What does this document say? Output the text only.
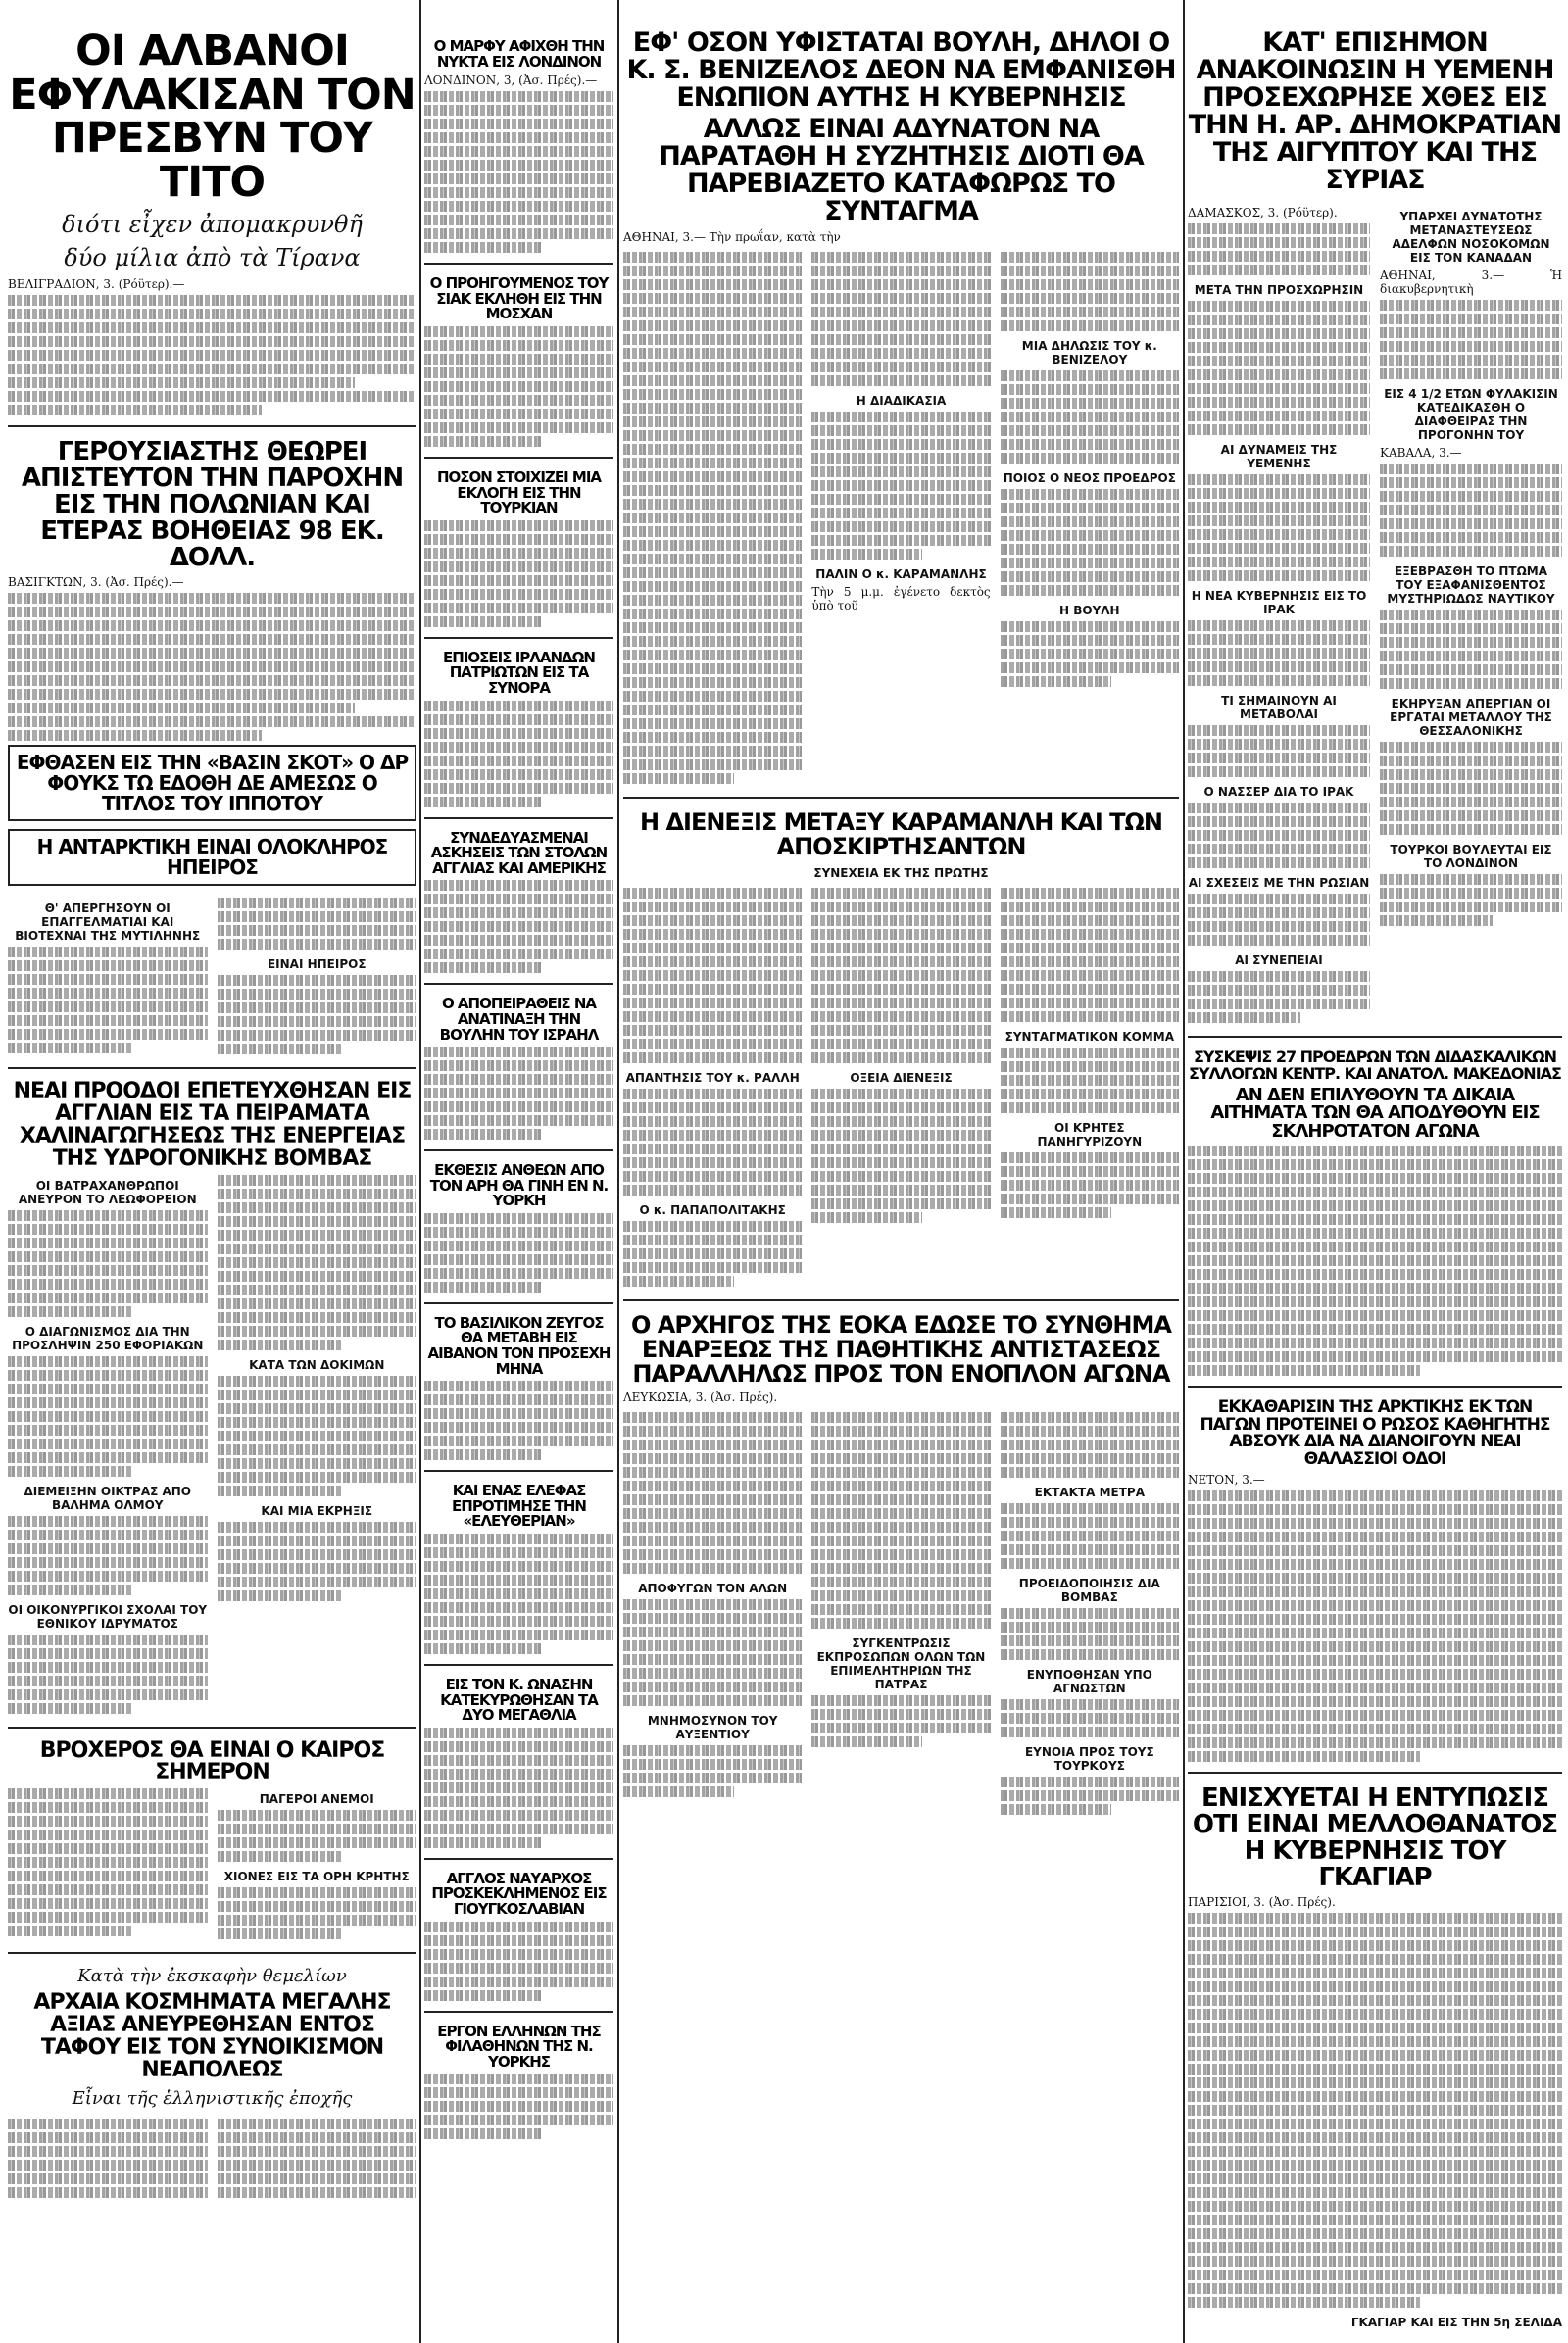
ΟΙ ΑΛΒΑΝΟΙ ΕΦΥΛΑΚΙΣΑΝ ΤΟΝ ΠΡΕΣΒΥΝ ΤΟΥ ΤΙΤΟ
διότι εἶχεν ἀπομακρυνθῆ
δύο μίλια ἀπὸ τὰ Τίρανα
ΒΕΛΙΓΡΑΔΙΟΝ, 3. (Ρόϋτερ).—
ΓΕΡΟΥΣΙΑΣΤΗΣ ΘΕΩΡΕΙ ΑΠΙΣΤΕΥΤΟΝ ΤΗΝ ΠΑΡΟΧΗΝ ΕΙΣ ΤΗΝ ΠΟΛΩΝΙΑΝ ΚΑΙ ΕΤΕΡΑΣ ΒΟΗΘΕΙΑΣ 98 ΕΚ. ΔΟΛΛ.
ΒΑΣΙΓΚΤΩΝ, 3. (Ἀσ. Πρές).—
ΕΦΘΑΣΕΝ ΕΙΣ ΤΗΝ «ΒΑΣΙΝ ΣΚΟΤ» Ο ΔΡ ΦΟΥΚΣ ΤΩ ΕΔΟΘΗ ΔΕ ΑΜΕΣΩΣ Ο ΤΙΤΛΟΣ ΤΟΥ ΙΠΠΟΤΟΥ
Η ΑΝΤΑΡΚΤΙΚΗ ΕΙΝΑΙ ΟΛΟΚΛΗΡΟΣ ΗΠΕΙΡΟΣ
Θ' ΑΠΕΡΓΗΣΟΥΝ ΟΙ ΕΠΑΓΓΕΛΜΑΤΙΑΙ ΚΑΙ ΒΙΟΤΕΧΝΑΙ ΤΗΣ ΜΥΤΙΛΗΝΗΣ
ΕΙΝΑΙ ΗΠΕΙΡΟΣ
ΝΕΑΙ ΠΡΟΟΔΟΙ ΕΠΕΤΕΥΧΘΗΣΑΝ ΕΙΣ ΑΓΓΛΙΑΝ ΕΙΣ ΤΑ ΠΕΙΡΑΜΑΤΑ ΧΑΛΙΝΑΓΩΓΗΣΕΩΣ ΤΗΣ ΕΝΕΡΓΕΙΑΣ ΤΗΣ ΥΔΡΟΓΟΝΙΚΗΣ ΒΟΜΒΑΣ
ΟΙ ΒΑΤΡΑΧΑΝΘΡΩΠΟΙ ΑΝΕΥΡΟΝ ΤΟ ΛΕΩΦΟΡΕΙΟΝ
Ο ΔΙΑΓΩΝΙΣΜΟΣ ΔΙΑ ΤΗΝ ΠΡΟΣΛΗΨΙΝ 250 ΕΦΟΡΙΑΚΩΝ
ΔΙΕΜΕΙΞΗΝ ΟΙΚΤΡΑΣ ΑΠΟ ΒΑΛΗΜΑ ΟΛΜΟΥ
ΟΙ ΟΙΚΟΝΥΡΓΙΚΟΙ ΣΧΟΛΑΙ ΤΟΥ ΕΘΝΙΚΟΥ ΙΔΡΥΜΑΤΟΣ
ΚΑΤΑ ΤΩΝ ΔΟΚΙΜΩΝ
ΚΑΙ ΜΙΑ ΕΚΡΗΞΙΣ
ΒΡΟΧΕΡΟΣ ΘΑ ΕΙΝΑΙ Ο ΚΑΙΡΟΣ ΣΗΜΕΡΟΝ
ΠΑΓΕΡΟΙ ΑΝΕΜΟΙ
ΧΙΟΝΕΣ ΕΙΣ ΤΑ ΟΡΗ ΚΡΗΤΗΣ
Κατὰ τὴν ἐκσκαφὴν θεμελίων
ΑΡΧΑΙΑ ΚΟΣΜΗΜΑΤΑ ΜΕΓΑΛΗΣ ΑΞΙΑΣ ΑΝΕΥΡΕΘΗΣΑΝ ΕΝΤΟΣ ΤΑΦΟΥ ΕΙΣ ΤΟΝ ΣΥΝΟΙΚΙΣΜΟΝ ΝΕΑΠΟΛΕΩΣ
Εἶναι τῆς ἑλληνιστικῆς ἐποχῆς
Ο ΜΑΡΦΥ ΑΦΙΧΘΗ ΤΗΝ ΝΥΚΤΑ ΕΙΣ ΛΟΝΔΙΝΟΝ
ΛΟΝΔΙΝΟΝ, 3, (Ἀσ. Πρές).—
Ο ΠΡΟΗΓΟΥΜΕΝΟΣ ΤΟΥ ΣΙΑΚ ΕΚΛΗΘΗ ΕΙΣ ΤΗΝ ΜΟΣΧΑΝ
ΠΟΣΟΝ ΣΤΟΙΧΙΖΕΙ ΜΙΑ ΕΚΛΟΓΗ ΕΙΣ ΤΗΝ ΤΟΥΡΚΙΑΝ
ΕΠΙΟΣΕΙΣ ΙΡΛΑΝΔΩΝ ΠΑΤΡΙΩΤΩΝ ΕΙΣ ΤΑ ΣΥΝΟΡΑ
ΣΥΝΔΕΔΥΑΣΜΕΝΑΙ ΑΣΚΗΣΕΙΣ ΤΩΝ ΣΤΟΛΩΝ ΑΓΓΛΙΑΣ ΚΑΙ ΑΜΕΡΙΚΗΣ
Ο ΑΠΟΠΕΙΡΑΘΕΙΣ ΝΑ ΑΝΑΤΙΝΑΞΗ ΤΗΝ ΒΟΥΛΗΝ ΤΟΥ ΙΣΡΑΗΛ
ΕΚΘΕΣΙΣ ΑΝΘΕΩΝ ΑΠΟ ΤΟΝ ΑΡΗ ΘΑ ΓΙΝΗ ΕΝ Ν. ΥΟΡΚΗ
ΤΟ ΒΑΣΙΛΙΚΟΝ ΖΕΥΓΟΣ ΘΑ ΜΕΤΑΒΗ ΕΙΣ ΑΙΒΑΝΟΝ ΤΟΝ ΠΡΟΣΕΧΗ ΜΗΝΑ
ΚΑΙ ΕΝΑΣ ΕΛΕΦΑΣ ΕΠΡΟΤΙΜΗΣΕ ΤΗΝ «ΕΛΕΥΘΕΡΙΑΝ»
ΕΙΣ ΤΟΝ Κ. ΩΝΑΣΗΝ ΚΑΤΕΚΥΡΩΘΗΣΑΝ ΤΑ ΔΥΟ ΜΕΓΑΘΛΙΑ
ΑΓΓΛΟΣ ΝΑΥΑΡΧΟΣ ΠΡΟΣΚΕΚΛΗΜΕΝΟΣ ΕΙΣ ΓΙΟΥΓΚΟΣΛΑΒΙΑΝ
ΕΡΓΟΝ ΕΛΛΗΝΩΝ ΤΗΣ ΦΙΛΑΘΗΝΩΝ ΤΗΣ Ν. ΥΟΡΚΗΣ
ΕΦ' ΟΣΟΝ ΥΦΙΣΤΑΤΑΙ ΒΟΥΛΗ, ΔΗΛΟΙ Ο Κ. Σ. ΒΕΝΙΖΕΛΟΣ ΔΕΟΝ ΝΑ ΕΜΦΑΝΙΣΘΗ ΕΝΩΠΙΟΝ ΑΥΤΗΣ Η ΚΥΒΕΡΝΗΣΙΣ
ΑΛΛΩΣ ΕΙΝΑΙ ΑΔΥΝΑΤΟΝ ΝΑ ΠΑΡΑΤΑΘΗ Η ΣΥΖΗΤΗΣΙΣ ΔΙΟΤΙ ΘΑ ΠΑΡΕΒΙΑΖΕΤΟ ΚΑΤΑΦΩΡΩΣ ΤΟ ΣΥΝΤΑΓΜΑ
ΑΘΗΝΑΙ, 3.— Τὴν πρωΐαν, κατὰ τὴν
Η ΔΙΑΔΙΚΑΣΙΑ
ΠΑΛΙΝ Ο κ. ΚΑΡΑΜΑΝΛΗΣ
Τὴν 5 μ.μ. ἐγένετο δεκτὸς ὑπὸ τοῦ
ΜΙΑ ΔΗΛΩΣΙΣ ΤΟΥ κ. ΒΕΝΙΖΕΛΟΥ
ΠΟΙΟΣ Ο ΝΕΟΣ ΠΡΟΕΔΡΟΣ
Η ΒΟΥΛΗ
Η ΔΙΕΝΕΞΙΣ ΜΕΤΑΞΥ ΚΑΡΑΜΑΝΛΗ ΚΑΙ ΤΩΝ ΑΠΟΣΚΙΡΤΗΣΑΝΤΩΝ
ΣΥΝΕΧΕΙΑ ΕΚ ΤΗΣ ΠΡΩΤΗΣ
ΑΠΑΝΤΗΣΙΣ ΤΟΥ κ. ΡΑΛΛΗ
Ο κ. ΠΑΠΑΠΟΛΙΤΑΚΗΣ
ΟΞΕΙΑ ΔΙΕΝΕΞΙΣ
ΣΥΝΤΑΓΜΑΤΙΚΟΝ ΚΟΜΜΑ
ΟΙ ΚΡΗΤΕΣ ΠΑΝΗΓΥΡΙΖΟΥΝ
Ο ΑΡΧΗΓΟΣ ΤΗΣ ΕΟΚΑ ΕΔΩΣΕ ΤΟ ΣΥΝΘΗΜΑ ΕΝΑΡΞΕΩΣ ΤΗΣ ΠΑΘΗΤΙΚΗΣ ΑΝΤΙΣΤΑΣΕΩΣ ΠΑΡΑΛΛΗΛΩΣ ΠΡΟΣ ΤΟΝ ΕΝΟΠΛΟΝ ΑΓΩΝΑ
ΛΕΥΚΩΣΙΑ, 3. (Ἀσ. Πρές).
ΑΠΟΦΥΓΩΝ ΤΟΝ ΑΛΩΝ
ΜΝΗΜΟΣΥΝΟΝ ΤΟΥ ΑΥΞΕΝΤΙΟΥ
ΣΥΓΚΕΝΤΡΩΣΙΣ ΕΚΠΡΟΣΩΠΩΝ ΟΛΩΝ ΤΩΝ ΕΠΙΜΕΛΗΤΗΡΙΩΝ ΤΗΣ ΠΑΤΡΑΣ
ΕΚΤΑΚΤΑ ΜΕΤΡΑ
ΠΡΟΕΙΔΟΠΟΙΗΣΙΣ ΔΙΑ ΒΟΜΒΑΣ
ΕΝΥΠΟΘΗΣΑΝ ΥΠΟ ΑΓΝΩΣΤΩΝ
ΕΥΝΟΙΑ ΠΡΟΣ ΤΟΥΣ ΤΟΥΡΚΟΥΣ
ΚΑΤ' ΕΠΙΣΗΜΟΝ ΑΝΑΚΟΙΝΩΣΙΝ Η ΥΕΜΕΝΗ ΠΡΟΣΕΧΩΡΗΣΕ ΧΘΕΣ ΕΙΣ ΤΗΝ Η. ΑΡ. ΔΗΜΟΚΡΑΤΙΑΝ ΤΗΣ ΑΙΓΥΠΤΟΥ ΚΑΙ ΤΗΣ ΣΥΡΙΑΣ
ΔΑΜΑΣΚΟΣ, 3. (Ρόϋτερ).
ΜΕΤΑ ΤΗΝ ΠΡΟΣΧΩΡΗΣΙΝ
ΑΙ ΔΥΝΑΜΕΙΣ ΤΗΣ ΥΕΜΕΝΗΣ
Η ΝΕΑ ΚΥΒΕΡΝΗΣΙΣ ΕΙΣ ΤΟ ΙΡΑΚ
ΤΙ ΣΗΜΑΙΝΟΥΝ ΑΙ ΜΕΤΑΒΟΛΑΙ
Ο ΝΑΣΣΕΡ ΔΙΑ ΤΟ ΙΡΑΚ
ΑΙ ΣΧΕΣΕΙΣ ΜΕ ΤΗΝ ΡΩΣΙΑΝ
ΑΙ ΣΥΝΕΠΕΙΑΙ
ΥΠΑΡΧΕΙ ΔΥΝΑΤΟΤΗΣ ΜΕΤΑΝΑΣΤΕΥΣΕΩΣ ΑΔΕΛΦΩΝ ΝΟΣΟΚΟΜΩΝ ΕΙΣ ΤΟΝ ΚΑΝΑΔΑΝ
ΑΘΗΝΑΙ, 3.— Ἡ διακυβερνητικὴ
ΕΙΣ 4 1/2 ΕΤΩΝ ΦΥΛΑΚΙΣΙΝ ΚΑΤΕΔΙΚΑΣΘΗ Ο ΔΙΑΦΘΕΙΡΑΣ ΤΗΝ ΠΡΟΓΟΝΗΝ ΤΟΥ
ΚΑΒΑΛΑ, 3.—
ΕΞΕΒΡΑΣΘΗ ΤΟ ΠΤΩΜΑ ΤΟΥ ΕΞΑΦΑΝΙΣΘΕΝΤΟΣ ΜΥΣΤΗΡΙΩΔΩΣ ΝΑΥΤΙΚΟΥ
ΕΚΗΡΥΞΑΝ ΑΠΕΡΓΙΑΝ ΟΙ ΕΡΓΑΤΑΙ ΜΕΤΑΛΛΟΥ ΤΗΣ ΘΕΣΣΑΛΟΝΙΚΗΣ
ΤΟΥΡΚΟΙ ΒΟΥΛΕΥΤΑΙ ΕΙΣ ΤΟ ΛΟΝΔΙΝΟΝ
ΣΥΣΚΕΨΙΣ 27 ΠΡΟΕΔΡΩΝ ΤΩΝ ΔΙΔΑΣΚΑΛΙΚΩΝ ΣΥΛΛΟΓΩΝ ΚΕΝΤΡ. ΚΑΙ ΑΝΑΤΟΛ. ΜΑΚΕΔΟΝΙΑΣ
ΑΝ ΔΕΝ ΕΠΙΛΥΘΟΥΝ ΤΑ ΔΙΚΑΙΑ ΑΙΤΗΜΑΤΑ ΤΩΝ ΘΑ ΑΠΟΔΥΘΟΥΝ ΕΙΣ ΣΚΛΗΡΟΤΑΤΟΝ ΑΓΩΝΑ
ΕΚΚΑΘΑΡΙΣΙΝ ΤΗΣ ΑΡΚΤΙΚΗΣ ΕΚ ΤΩΝ ΠΑΓΩΝ ΠΡΟΤΕΙΝΕΙ Ο ΡΩΣΟΣ ΚΑΘΗΓΗΤΗΣ ΑΒΣΟΥΚ ΔΙΑ ΝΑ ΔΙΑΝΟΙΓΟΥΝ ΝΕΑΙ ΘΑΛΑΣΣΙΟΙ ΟΔΟΙ
ΝΕΤΟΝ, 3.—
ΕΝΙΣΧΥΕΤΑΙ Η ΕΝΤΥΠΩΣΙΣ ΟΤΙ ΕΙΝΑΙ ΜΕΛΛΟΘΑΝΑΤΟΣ Η ΚΥΒΕΡΝΗΣΙΣ ΤΟΥ ΓΚΑΓΙΑΡ
ΠΑΡΙΣΙΟΙ, 3. (Ἀσ. Πρές).
ΓΚΑΓΙΑΡ ΚΑΙ ΕΙΣ ΤΗΝ 5η ΣΕΛΙΔΑ
